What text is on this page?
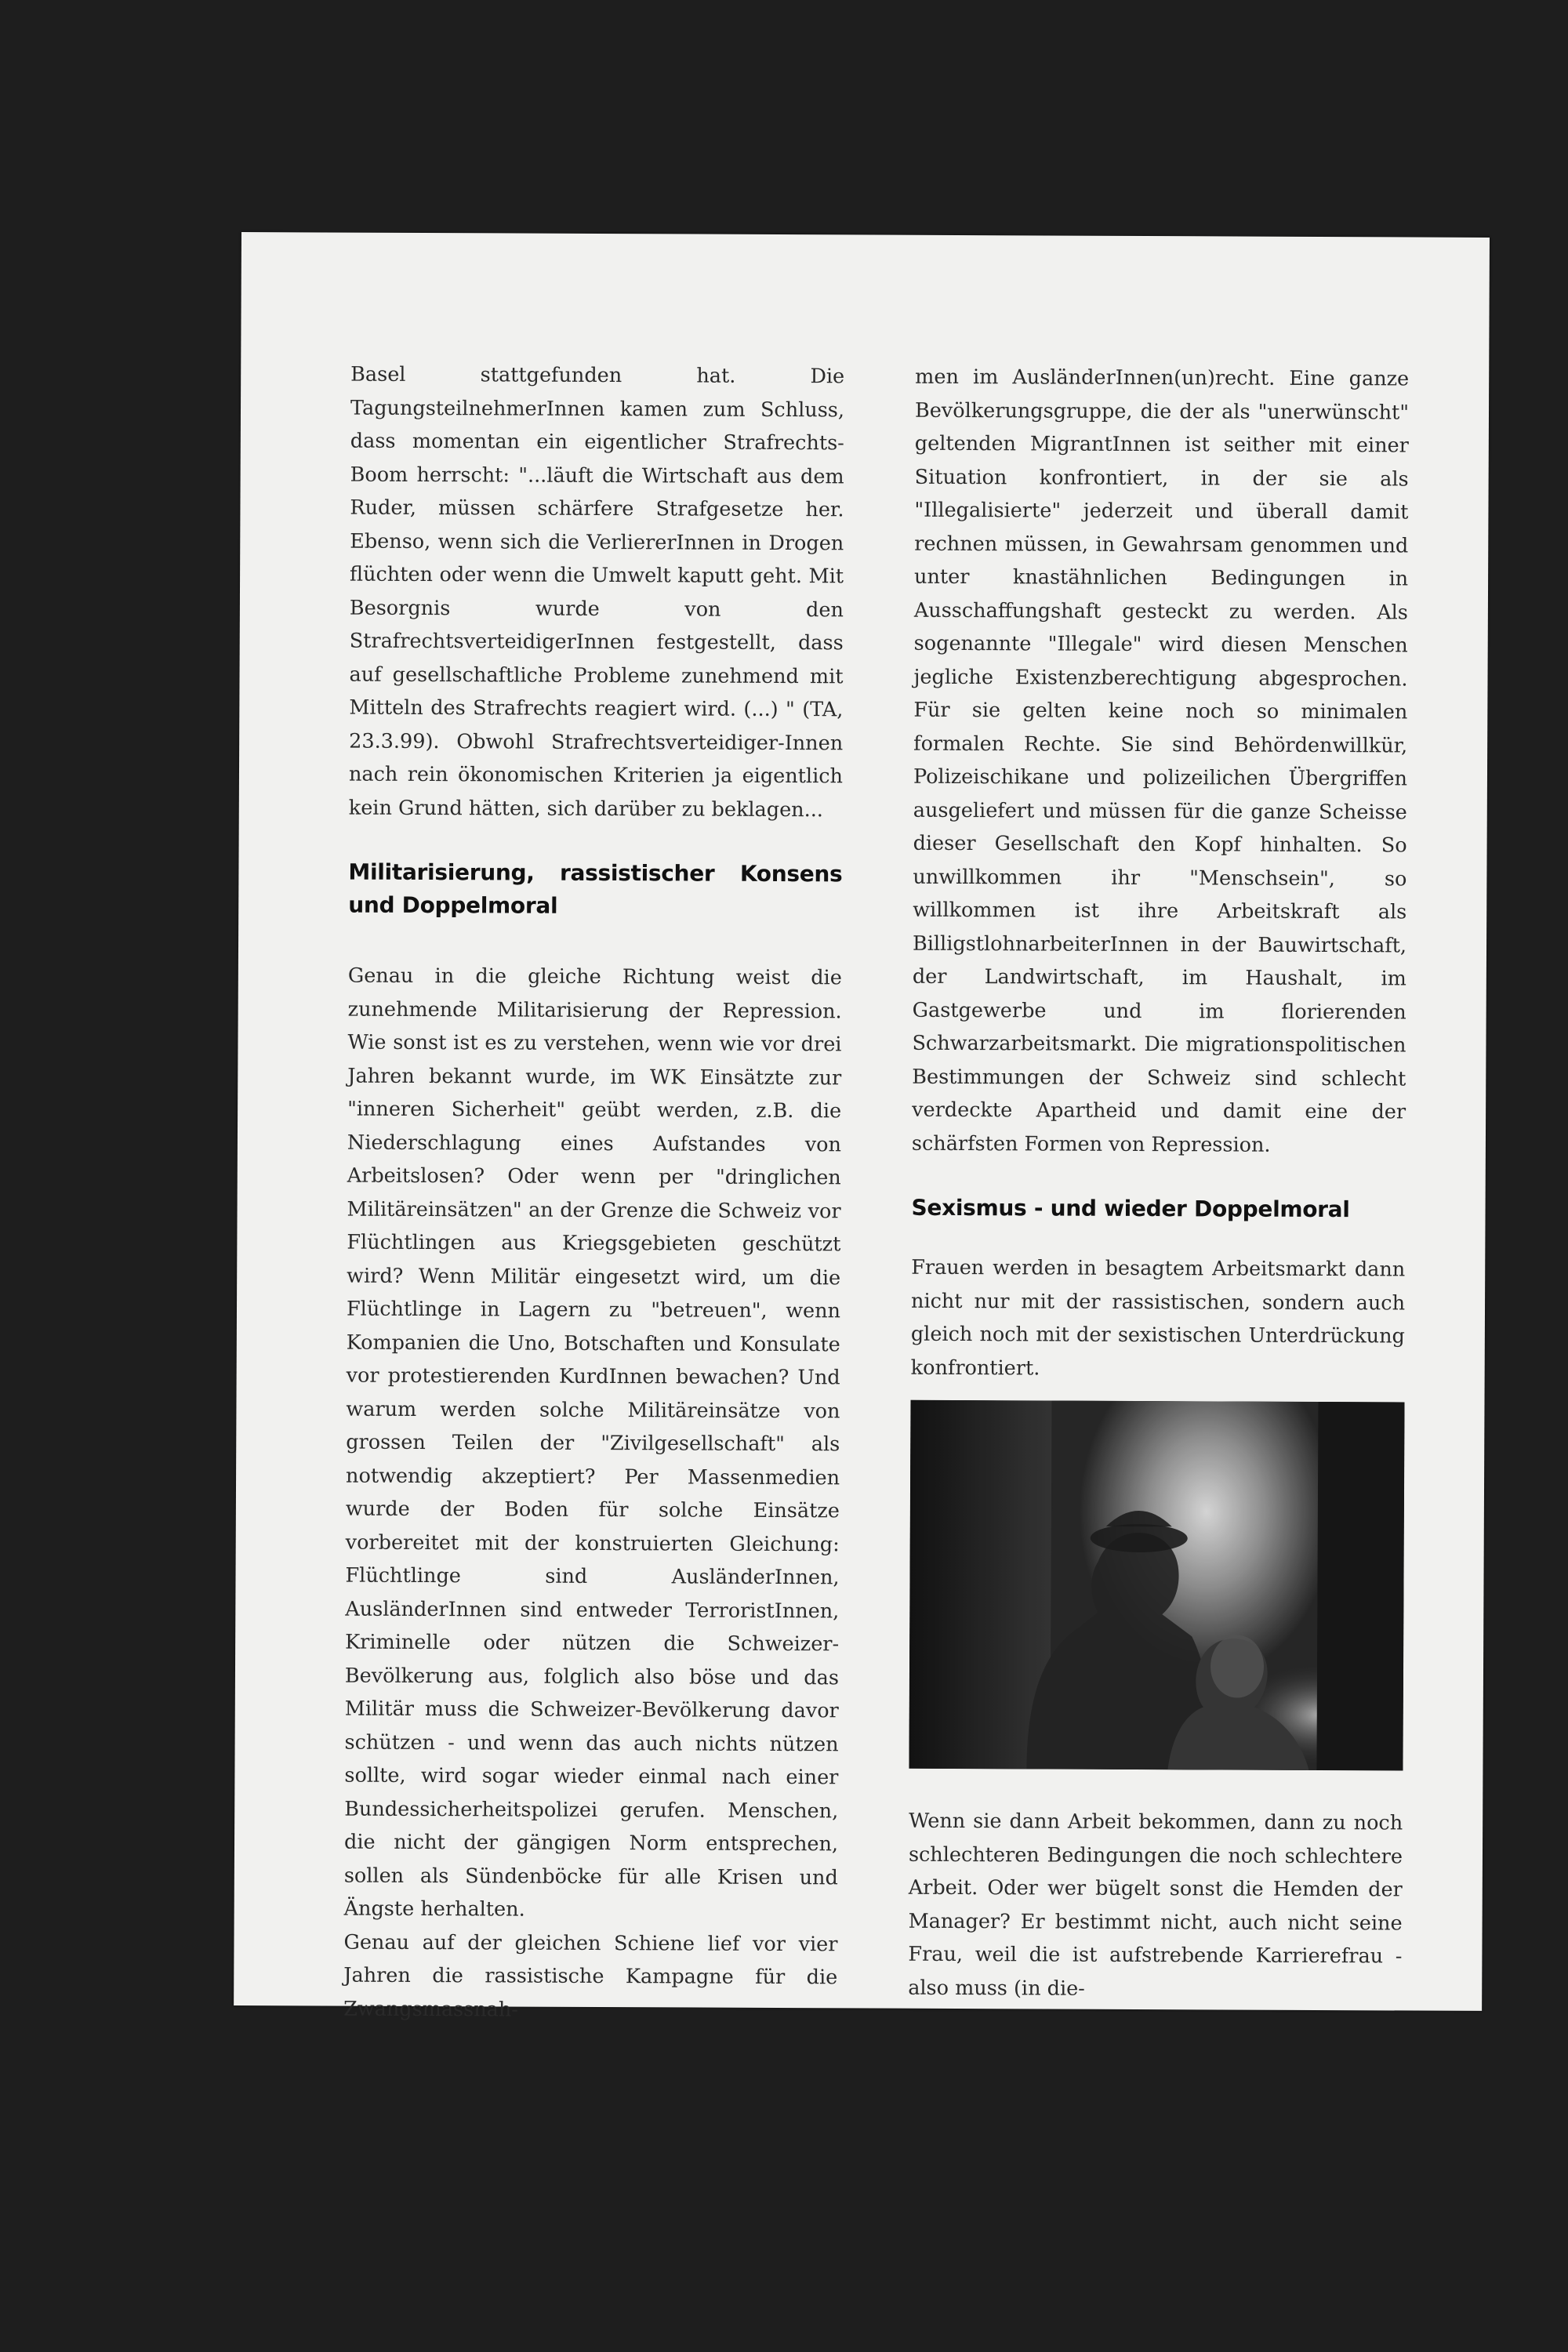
Basel stattgefunden hat. Die TagungsteilnehmerInnen kamen zum Schluss, dass momentan ein eigentlicher Strafrechts-Boom herrscht: "...läuft die Wirtschaft aus dem Ruder, müssen schärfere Strafgesetze her. Ebenso, wenn sich die VerliererInnen in Drogen flüchten oder wenn die Umwelt kaputt geht. Mit Besorgnis wurde von den StrafrechtsverteidigerInnen festgestellt, dass auf gesellschaftliche Probleme zunehmend mit Mitteln des Strafrechts reagiert wird. (...) " (TA, 23.3.99). Obwohl Strafrechtsverteidiger-Innen nach rein ökonomischen Kriterien ja eigentlich kein Grund hätten, sich darüber zu beklagen...

Militarisierung, rassistischer Konsens und Doppelmoral

Genau in die gleiche Richtung weist die zunehmende Militarisierung der Repression. Wie sonst ist es zu verstehen, wenn wie vor drei Jahren bekannt wurde, im WK Einsätzte zur "inneren Sicherheit" geübt werden, z.B. die Niederschlagung eines Aufstandes von Arbeitslosen? Oder wenn per "dringlichen Militäreinsätzen" an der Grenze die Schweiz vor Flüchtlingen aus Kriegsgebieten geschützt wird? Wenn Militär eingesetzt wird, um die Flüchtlinge in Lagern zu "betreuen", wenn Kompanien die Uno, Botschaften und Konsulate vor protestierenden KurdInnen bewachen? Und warum werden solche Militäreinsätze von grossen Teilen der "Zivilgesellschaft" als notwendig akzeptiert? Per Massenmedien wurde der Boden für solche Einsätze vorbereitet mit der konstruierten Gleichung: Flüchtlinge sind AusländerInnen, AusländerInnen sind entweder TerroristInnen, Kriminelle oder nützen die Schweizer-Bevölkerung aus, folglich also böse und das Militär muss die Schweizer-Bevölkerung davor schützen - und wenn das auch nichts nützen sollte, wird sogar wieder einmal nach einer Bundessicherheitspolizei gerufen. Menschen, die nicht der gängigen Norm entsprechen, sollen als Sündenböcke für alle Krisen und Ängste herhalten.

Genau auf der gleichen Schiene lief vor vier Jahren die rassistische Kampagne für die Zwangsmassnah-

men im AusländerInnen(un)recht. Eine ganze Bevölkerungsgruppe, die der als "unerwünscht" geltenden MigrantInnen ist seither mit einer Situation konfrontiert, in der sie als "Illegalisierte" jederzeit und überall damit rechnen müssen, in Gewahrsam genommen und unter knastähnlichen Bedingungen in Ausschaffungshaft gesteckt zu werden. Als sogenannte "Illegale" wird diesen Menschen jegliche Existenzberechtigung abgesprochen. Für sie gelten keine noch so minimalen formalen Rechte. Sie sind Behördenwillkür, Polizeischikane und polizeilichen Übergriffen ausgeliefert und müssen für die ganze Scheisse dieser Gesellschaft den Kopf hinhalten. So unwillkommen ihr "Menschsein", so willkommen ist ihre Arbeitskraft als BilligstlohnarbeiterInnen in der Bauwirtschaft, der Landwirtschaft, im Haushalt, im Gastgewerbe und im florierenden Schwarzarbeitsmarkt. Die migrationspolitischen Bestimmungen der Schweiz sind schlecht verdeckte Apartheid und damit eine der schärfsten Formen von Repression.

Sexismus - und wieder Doppelmoral

Frauen werden in besagtem Arbeitsmarkt dann nicht nur mit der rassistischen, sondern auch gleich noch mit der sexistischen Unterdrückung konfrontiert.

Wenn sie dann Arbeit bekommen, dann zu noch schlechteren Bedingungen die noch schlechtere Arbeit. Oder wer bügelt sonst die Hemden der Manager? Er bestimmt nicht, auch nicht seine Frau, weil die ist aufstrebende Karrierefrau - also muss (in die-
